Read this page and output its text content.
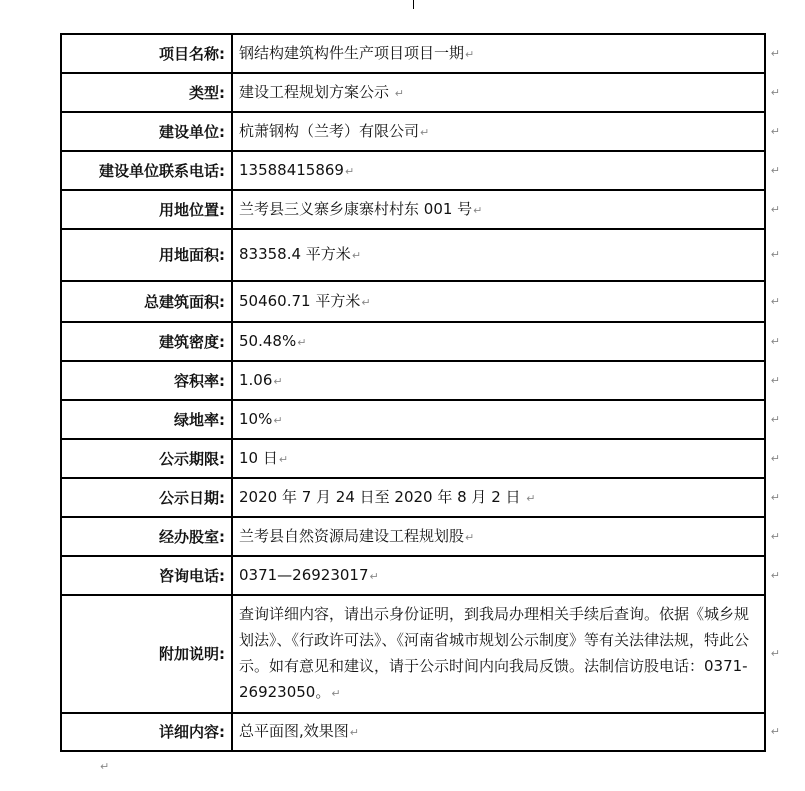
项目名称:	钢结构建筑构件生产项目项目一期↵ ↵

类型:	建设工程规划方案公示 ↵ ↵

建设单位:	杭萧钢构（兰考）有限公司↵ ↵

建设单位联系电话:	13588415869↵ ↵

用地位置:	兰考县三义寨乡康寨村村东 001 号↵ ↵

用地面积:	83358.4 平方米↵ ↵

总建筑面积:	50460.71 平方米↵ ↵

建筑密度:	50.48%↵ ↵

容积率:	1.06↵ ↵

绿地率:	10%↵ ↵

公示期限:	10 日↵ ↵

公示日期:	2020 年 7 月 24 日至 2020 年 8 月 2 日 ↵ ↵

经办股室:	兰考县自然资源局建设工程规划股↵ ↵

咨询电话:	0371—26923017↵ ↵

附加说明:	查询详细内容，请出示身份证明，到我局办理相关手续后查询。依据《城乡规划法》、《行政许可法》、《河南省城市规划公示制度》等有关法律法规，特此公示。如有意见和建议，请于公示时间内向我局反馈。法制信访股电话：0371-26923050。↵
↵

详细内容:	总平面图,效果图↵ ↵
↵
